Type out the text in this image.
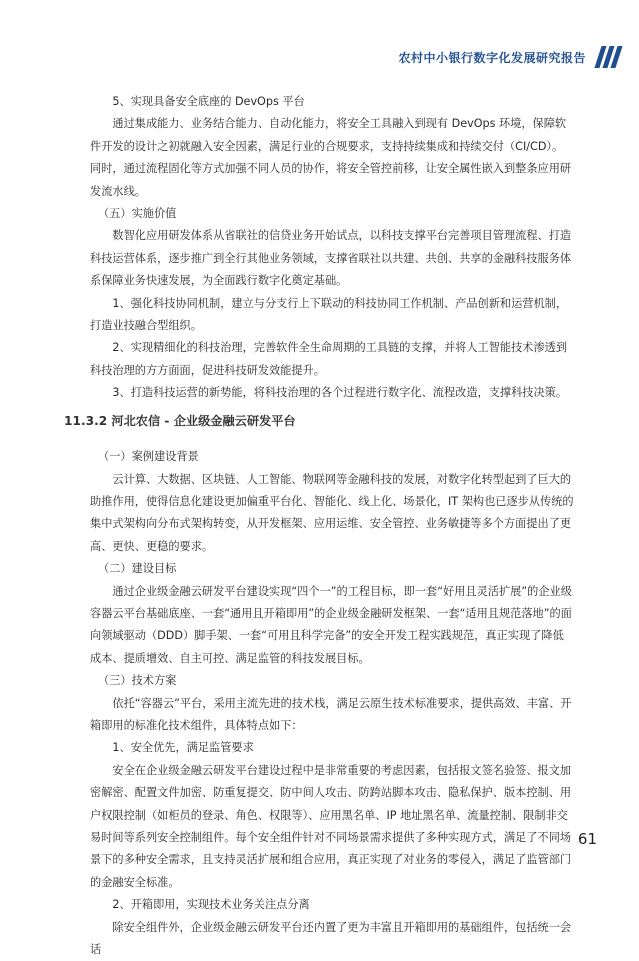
农村中小银行数字化发展研究报告

5、实现具备安全底座的 DevOps 平台

通过集成能力、业务结合能力、自动化能力，将安全工具融入到现有 DevOps 环境，保障软件开发的设计之初就融入安全因素，满足行业的合规要求，支持持续集成和持续交付（CI/CD）。同时，通过流程固化等方式加强不同人员的协作，将安全管控前移，让安全属性嵌入到整条应用研发流水线。

（五）实施价值

数智化应用研发体系从省联社的信贷业务开始试点，以科技支撑平台完善项目管理流程、打造科技运营体系，逐步推广到全行其他业务领域，支撑省联社以共建、共创、共享的金融科技服务体系保障业务快速发展，为全面践行数字化奠定基础。

1、强化科技协同机制，建立与分支行上下联动的科技协同工作机制、产品创新和运营机制，打造业技融合型组织。

2、实现精细化的科技治理，完善软件全生命周期的工具链的支撑，并将人工智能技术渗透到科技治理的方方面面，促进科技研发效能提升。

3、打造科技运营的新势能，将科技治理的各个过程进行数字化、流程改造，支撑科技决策。

11.3.2 河北农信 - 企业级金融云研发平台

（一）案例建设背景

云计算、大数据、区块链、人工智能、物联网等金融科技的发展，对数字化转型起到了巨大的助推作用，使得信息化建设更加偏重平台化、智能化、线上化、场景化，IT 架构也已逐步从传统的集中式架构向分布式架构转变，从开发框架、应用运维、安全管控、业务敏捷等多个方面提出了更高、更快、更稳的要求。

（二）建设目标

通过企业级金融云研发平台建设实现“四个一”的工程目标，即一套“好用且灵活扩展”的企业级容器云平台基础底座、一套“通用且开箱即用”的企业级金融研发框架、一套“适用且规范落地”的面向领域驱动（DDD）脚手架、一套“可用且科学完备”的安全开发工程实践规范，真正实现了降低成本、提质增效、自主可控、满足监管的科技发展目标。

（三）技术方案

依托“容器云”平台，采用主流先进的技术栈，满足云原生技术标准要求，提供高效、丰富、开箱即用的标准化技术组件，具体特点如下：

1、安全优先，满足监管要求

安全在企业级金融云研发平台建设过程中是非常重要的考虑因素，包括报文签名验签、报文加密解密、配置文件加密、防重复提交、防中间人攻击、防跨站脚本攻击、隐私保护、版本控制、用户权限控制（如柜员的登录、角色、权限等）、应用黑名单、IP 地址黑名单、流量控制、限制非交易时间等系列安全控制组件。每个安全组件针对不同场景需求提供了多种实现方式，满足了不同场景下的多种安全需求，且支持灵活扩展和组合应用，真正实现了对业务的零侵入，满足了监管部门的金融安全标准。

2、开箱即用，实现技术业务关注点分离

除安全组件外，企业级金融云研发平台还内置了更为丰富且开箱即用的基础组件，包括统一会话

61
